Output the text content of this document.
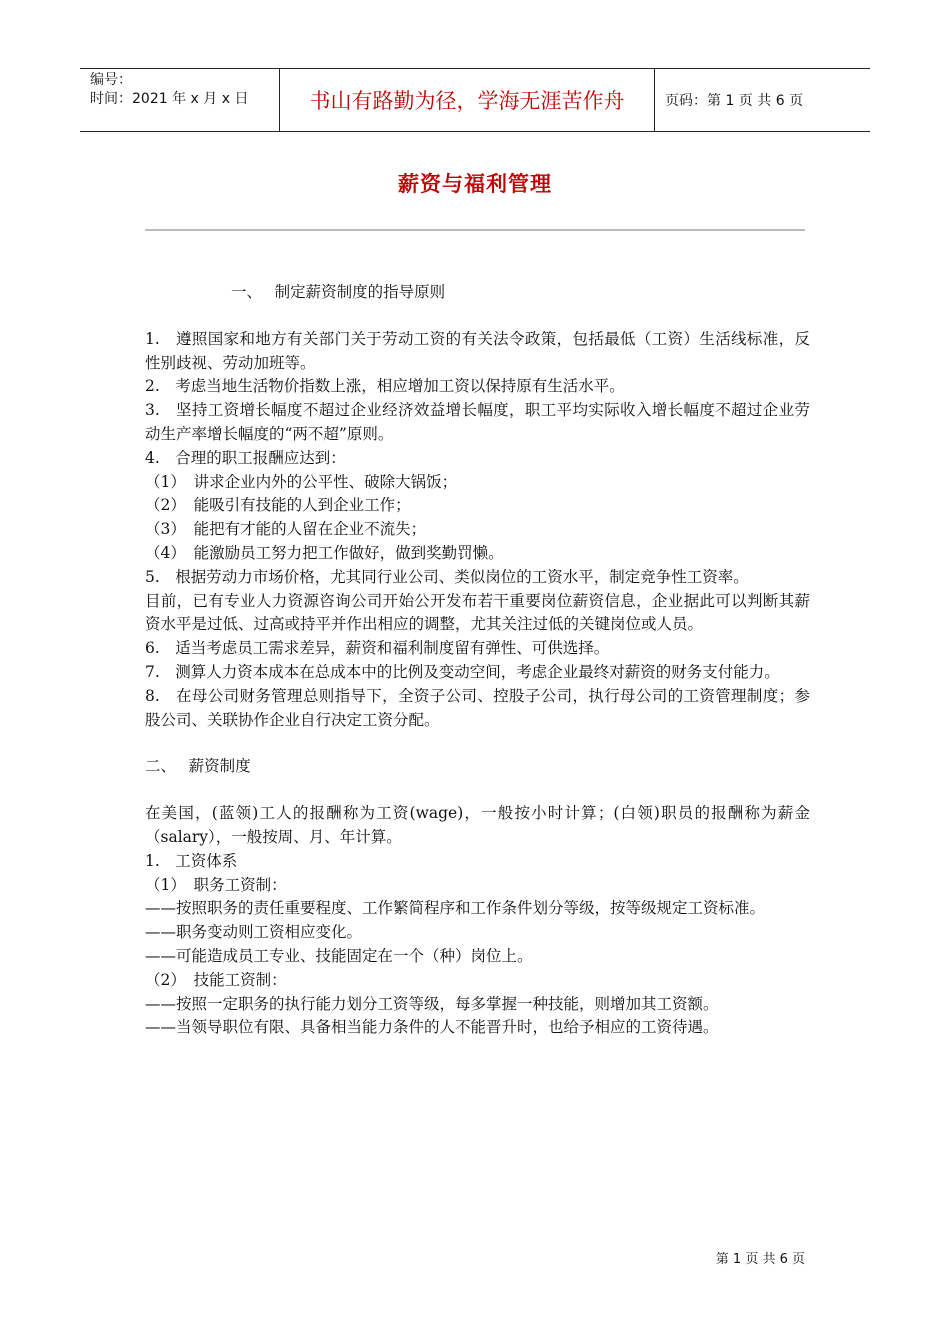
编号：
时间：2021 年 x 月 x 日	书山有路勤为径，学海无涯苦作舟	页码：第 1 页 共 6 页
薪资与福利管理

一、　 制定薪资制度的指导原则

1.　遵照国家和地方有关部门关于劳动工资的有关法令政策，包括最低（工资）生活线标准，反性别歧视、劳动加班等。

2.　考虑当地生活物价指数上涨，相应增加工资以保持原有生活水平。

3.　坚持工资增长幅度不超过企业经济效益增长幅度，职工平均实际收入增长幅度不超过企业劳动生产率增长幅度的“两不超”原则。

4.　合理的职工报酬应达到：

（1）　讲求企业内外的公平性、破除大锅饭；

（2）　能吸引有技能的人到企业工作；

（3）　能把有才能的人留在企业不流失；

（4）　能激励员工努力把工作做好，做到奖勤罚懒。

5.　根据劳动力市场价格，尤其同行业公司、类似岗位的工资水平，制定竞争性工资率。

目前，已有专业人力资源咨询公司开始公开发布若干重要岗位薪资信息，企业据此可以判断其薪资水平是过低、过高或持平并作出相应的调整，尤其关注过低的关键岗位或人员。

6.　适当考虑员工需求差异，薪资和福利制度留有弹性、可供选择。

7.　测算人力资本成本在总成本中的比例及变动空间，考虑企业最终对薪资的财务支付能力。

8.　在母公司财务管理总则指导下，全资子公司、控股子公司，执行母公司的工资管理制度；参股公司、关联协作企业自行决定工资分配。

二、　 薪资制度

在美国，(蓝领)工人的报酬称为工资(wage)，一般按小时计算；(白领)职员的报酬称为薪金（salary），一般按周、月、年计算。

1.　工资体系

（1）　职务工资制：

——按照职务的责任重要程度、工作繁简程序和工作条件划分等级，按等级规定工资标准。

——职务变动则工资相应变化。

——可能造成员工专业、技能固定在一个（种）岗位上。

（2）　技能工资制：

——按照一定职务的执行能力划分工资等级，每多掌握一种技能，则增加其工资额。

——当领导职位有限、具备相当能力条件的人不能晋升时，也给予相应的工资待遇。

第 1 页 共 6 页
